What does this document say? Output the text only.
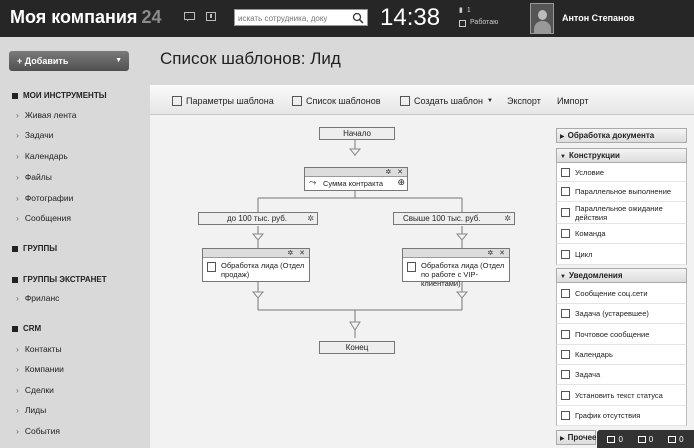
Моя компания 24
искать сотрудника, доку	14:38	▮ 1
Работаю	Антон Степанов
+ Добавить	▼
МОИ ИНСТРУМЕНТЫ
› Живая лента
› Задачи
› Календарь
› Файлы
› Фотографии
› Сообщения
ГРУППЫ
ГРУППЫ ЭКСТРАНЕТ
› Фриланс
CRM
› Контакты
› Компании
› Сделки
› Лиды
› События
Список шаблонов: Лид
Параметры шаблона	Список шаблонов	Создать шаблон ▼ Экспорт Импорт
Начало
✲ ✕
⤳ Сумма контракта ⊕
до 100 тыс. руб.	✲	Свыше 100 тыс. руб.	✲
✲ ✕
Обработка лида (Отдел продаж)
✲ ✕
Обработка лида (Отдел по работе с VIP-клиентами)
Конец
▶ Обработка документа
▼ Конструкции
Условие
Параллельное выполнение
Параллельное ожидание действия
Команда
Цикл
▼ Уведомления
Сообщение соц.сети
Задача (устаревшее)
Почтовое сообщение
Календарь
Задача
Установить текст статуса
График отсутствия
▶ Прочее	0	0	0
